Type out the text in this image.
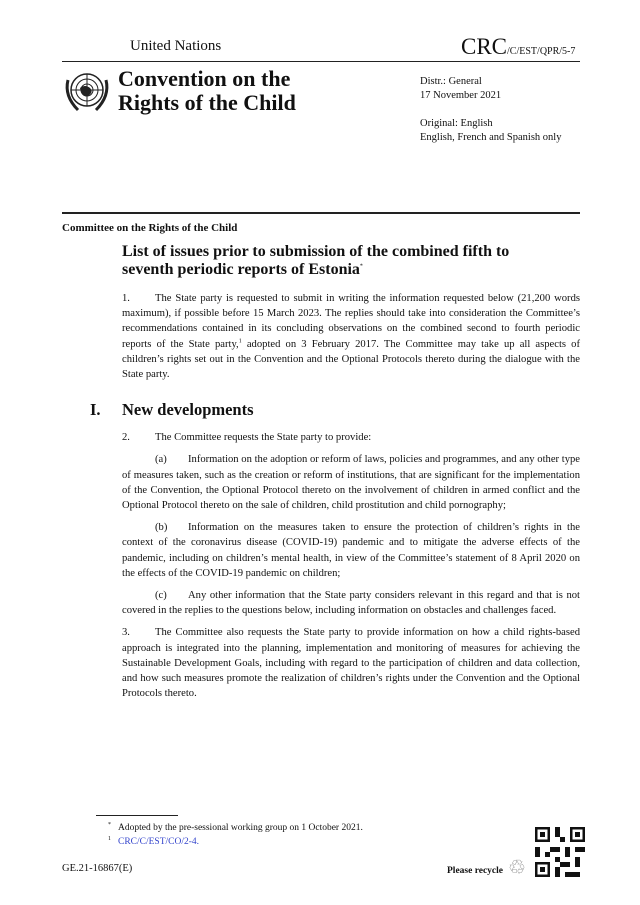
United Nations	CRC/C/EST/QPR/5-7
Convention on the
Rights of the Child
Distr.: General
17 November 2021
Original: English
English, French and Spanish only
Committee on the Rights of the Child
List of issues prior to submission of the combined fifth to
seventh periodic reports of Estonia*
1. The State party is requested to submit in writing the information requested below (21,200 words maximum), if possible before 15 March 2023. The replies should take into consideration the Committee’s recommendations contained in its concluding observations on the combined second to fourth periodic reports of the State party,$^1$ adopted on 3 February 2017. The Committee may take up all aspects of children’s rights set out in the Convention and the Optional Protocols thereto during the dialogue with the State party.
I. New developments
2. The Committee requests the State party to provide:
(a) Information on the adoption or reform of laws, policies and programmes, and any other type of measures taken, such as the creation or reform of institutions, that are significant for the implementation of the Convention, the Optional Protocol thereto on the involvement of children in armed conflict and the Optional Protocol thereto on the sale of children, child prostitution and child pornography;
(b) Information on the measures taken to ensure the protection of children’s rights in the context of the coronavirus disease (COVID-19) pandemic and to mitigate the adverse effects of the pandemic, including on children’s mental health, in view of the Committee’s statement of 8 April 2020 on the effects of the COVID-19 pandemic on children;
(c) Any other information that the State party considers relevant in this regard and that is not covered in the replies to the questions below, including information on obstacles and challenges faced.
3. The Committee also requests the State party to provide information on how a child rights-based approach is integrated into the planning, implementation and monitoring of measures for achieving the Sustainable Development Goals, including with regard to the participation of children and data collection, and how such measures promote the realization of children’s rights under the Convention and the Optional Protocols thereto.
* Adopted by the pre-sessional working group on 1 October 2021.
$^1$ CRC/C/EST/CO/2-4.
GE.21-16867(E)	Please recycle ♲
